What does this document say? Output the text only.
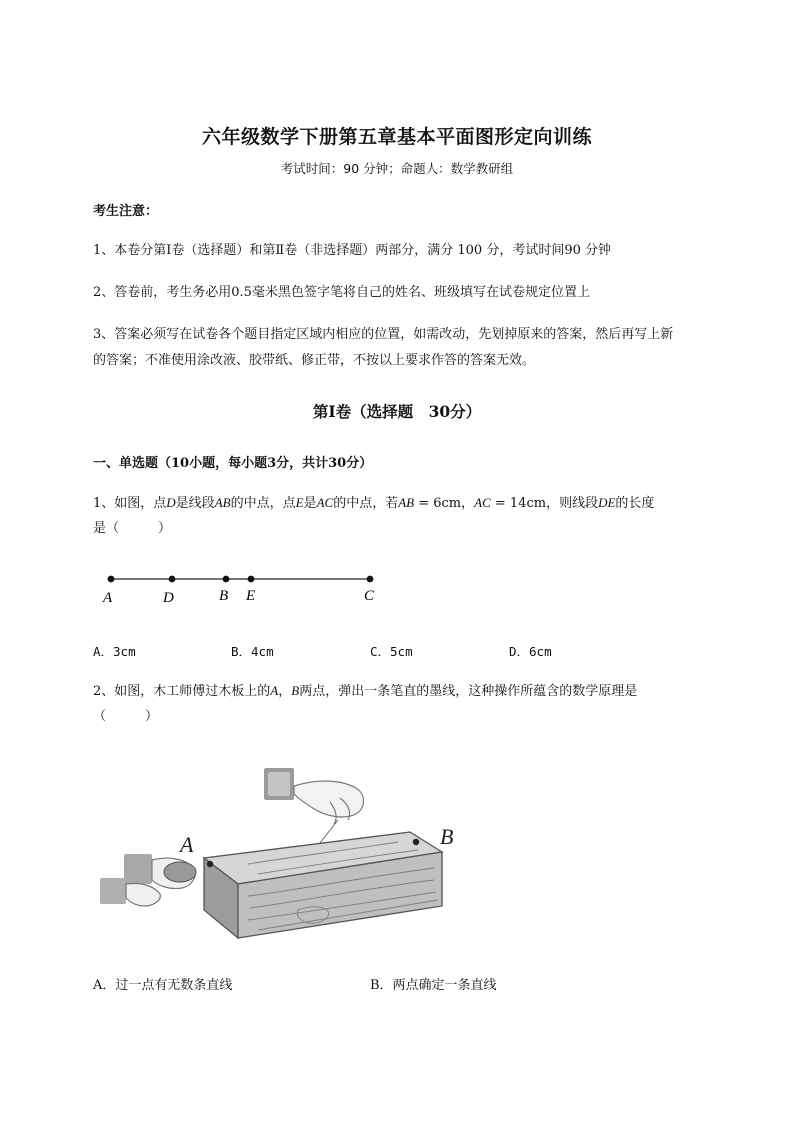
六年级数学下册第五章基本平面图形定向训练
考试时间：90 分钟；命题人：数学教研组
考生注意：
1、本卷分第Ⅰ卷（选择题）和第Ⅱ卷（非选择题）两部分，满分 100 分，考试时间90 分钟
2、答卷前，考生务必用0.5毫米黑色签字笔将自己的姓名、班级填写在试卷规定位置上
3、答案必须写在试卷各个题目指定区域内相应的位置，如需改动，先划掉原来的答案，然后再写上新
的答案；不准使用涂改液、胶带纸、修正带，不按以上要求作答的答案无效。
第Ⅰ卷（选择题　30分）
一、单选题（10小题，每小题3分，共计30分）
1、如图，点D是线段AB的中点，点E是AC的中点，若AB = 6cm，AC = 14cm，则线段DE的长度
是（　　　）
A	D	B E	C
A．3cm	B．4cm	C．5cm	D．6cm
2、如图，木工师傅过木板上的A，B两点，弹出一条笔直的墨线，这种操作所蕴含的数学原理是
（　　　）
A	B
A．过一点有无数条直线	B．两点确定一条直线
